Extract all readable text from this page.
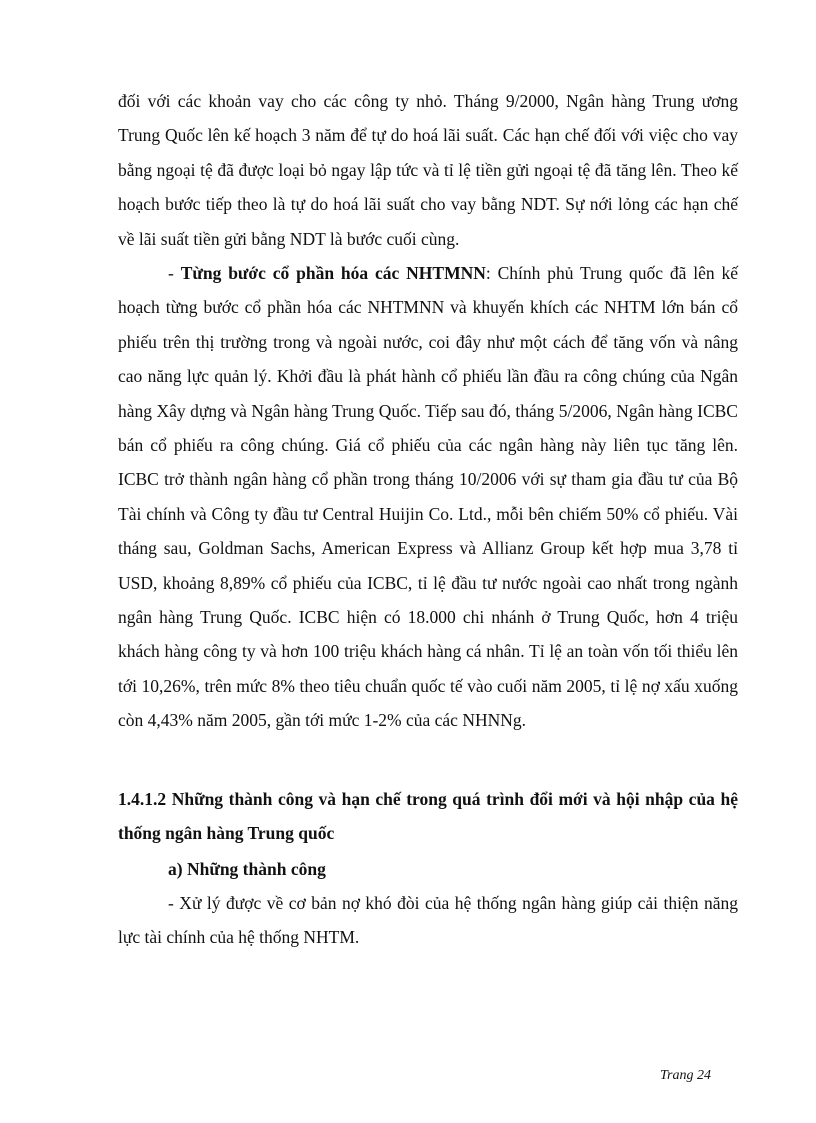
đối với các khoản vay cho các công ty nhỏ. Tháng 9/2000, Ngân hàng Trung ương Trung Quốc lên kế hoạch 3 năm để tự do hoá lãi suất. Các hạn chế đối với việc cho vay bằng ngoại tệ đã được loại bỏ ngay lập tức và tỉ lệ tiền gửi ngoại tệ đã tăng lên. Theo kế hoạch bước tiếp theo là tự do hoá lãi suất cho vay bằng NDT. Sự nới lỏng các hạn chế về lãi suất tiền gửi bằng NDT là bước cuối cùng.

- Từng bước cổ phần hóa các NHTMNN: Chính phủ Trung quốc đã lên kế hoạch từng bước cổ phần hóa các NHTMNN và khuyến khích các NHTM lớn bán cổ phiếu trên thị trường trong và ngoài nước, coi đây như một cách để tăng vốn và nâng cao năng lực quản lý. Khởi đầu là phát hành cổ phiếu lần đầu ra công chúng của Ngân hàng Xây dựng và Ngân hàng Trung Quốc. Tiếp sau đó, tháng 5/2006, Ngân hàng ICBC bán cổ phiếu ra công chúng. Giá cổ phiếu của các ngân hàng này liên tục tăng lên. ICBC trở thành ngân hàng cổ phần trong tháng 10/2006 với sự tham gia đầu tư của Bộ Tài chính và Công ty đầu tư Central Huijin Co. Ltd., mỗi bên chiếm 50% cổ phiếu. Vài tháng sau, Goldman Sachs, American Express và Allianz Group kết hợp mua 3,78 tỉ USD, khoảng 8,89% cổ phiếu của ICBC, tỉ lệ đầu tư nước ngoài cao nhất trong ngành ngân hàng Trung Quốc. ICBC hiện có 18.000 chi nhánh ở Trung Quốc, hơn 4 triệu khách hàng công ty và hơn 100 triệu khách hàng cá nhân. Tỉ lệ an toàn vốn tối thiểu lên tới 10,26%, trên mức 8% theo tiêu chuẩn quốc tế vào cuối năm 2005, tỉ lệ nợ xấu xuống còn 4,43% năm 2005, gần tới mức 1-2% của các NHNNg.

1.4.1.2 Những thành công và hạn chế trong quá trình đổi mới và hội nhập của hệ thống ngân hàng Trung quốc

a) Những thành công

- Xử lý được về cơ bản nợ khó đòi của hệ thống ngân hàng giúp cải thiện năng lực tài chính của hệ thống NHTM.

Trang 24
